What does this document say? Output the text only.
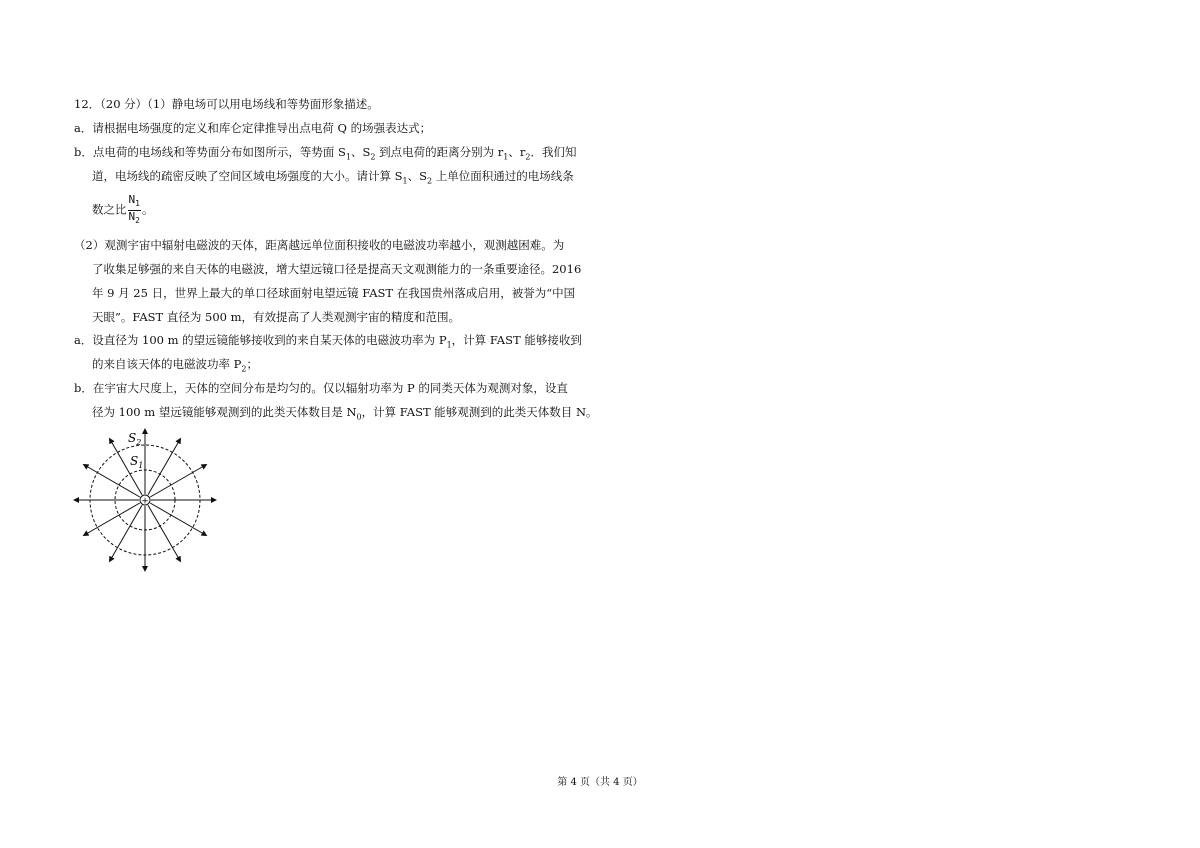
12．（20 分）（1）静电场可以用电场线和等势面形象描述。
a．请根据电场强度的定义和库仑定律推导出点电荷 Q 的场强表达式；
b．点电荷的电场线和等势面分布如图所示，等势面 $S_1$、$S_2$ 到点电荷的距离分别为 $r_1$、$r_2$．我们知
道，电场线的疏密反映了空间区域电场强度的大小。请计算 $S_1$、$S_2$ 上单位面积通过的电场线条
数之比 $\frac{N_1}{N_2}$ 。
（2）观测宇宙中辐射电磁波的天体，距离越远单位面积接收的电磁波功率越小，观测越困难。为
了收集足够强的来自天体的电磁波，增大望远镜口径是提高天文观测能力的一条重要途径。2016
年 9 月 25 日，世界上最大的单口径球面射电望远镜 FAST 在我国贵州落成启用，被誉为“中国
天眼”。FAST 直径为 500 m，有效提高了人类观测宇宙的精度和范围。
a．设直径为 100 m 的望远镜能够接收到的来自某天体的电磁波功率为 $P_1$，计算 FAST 能够接收到
的来自该天体的电磁波功率 $P_2$；
b．在宇宙大尺度上，天体的空间分布是均匀的。仅以辐射功率为 P 的同类天体为观测对象，设直
径为 100 m 望远镜能够观测到的此类天体数目是 $N_0$，计算 FAST 能够观测到的此类天体数目 N。
+
$S_2$
$S_1$
第 4 页（共 4 页）
